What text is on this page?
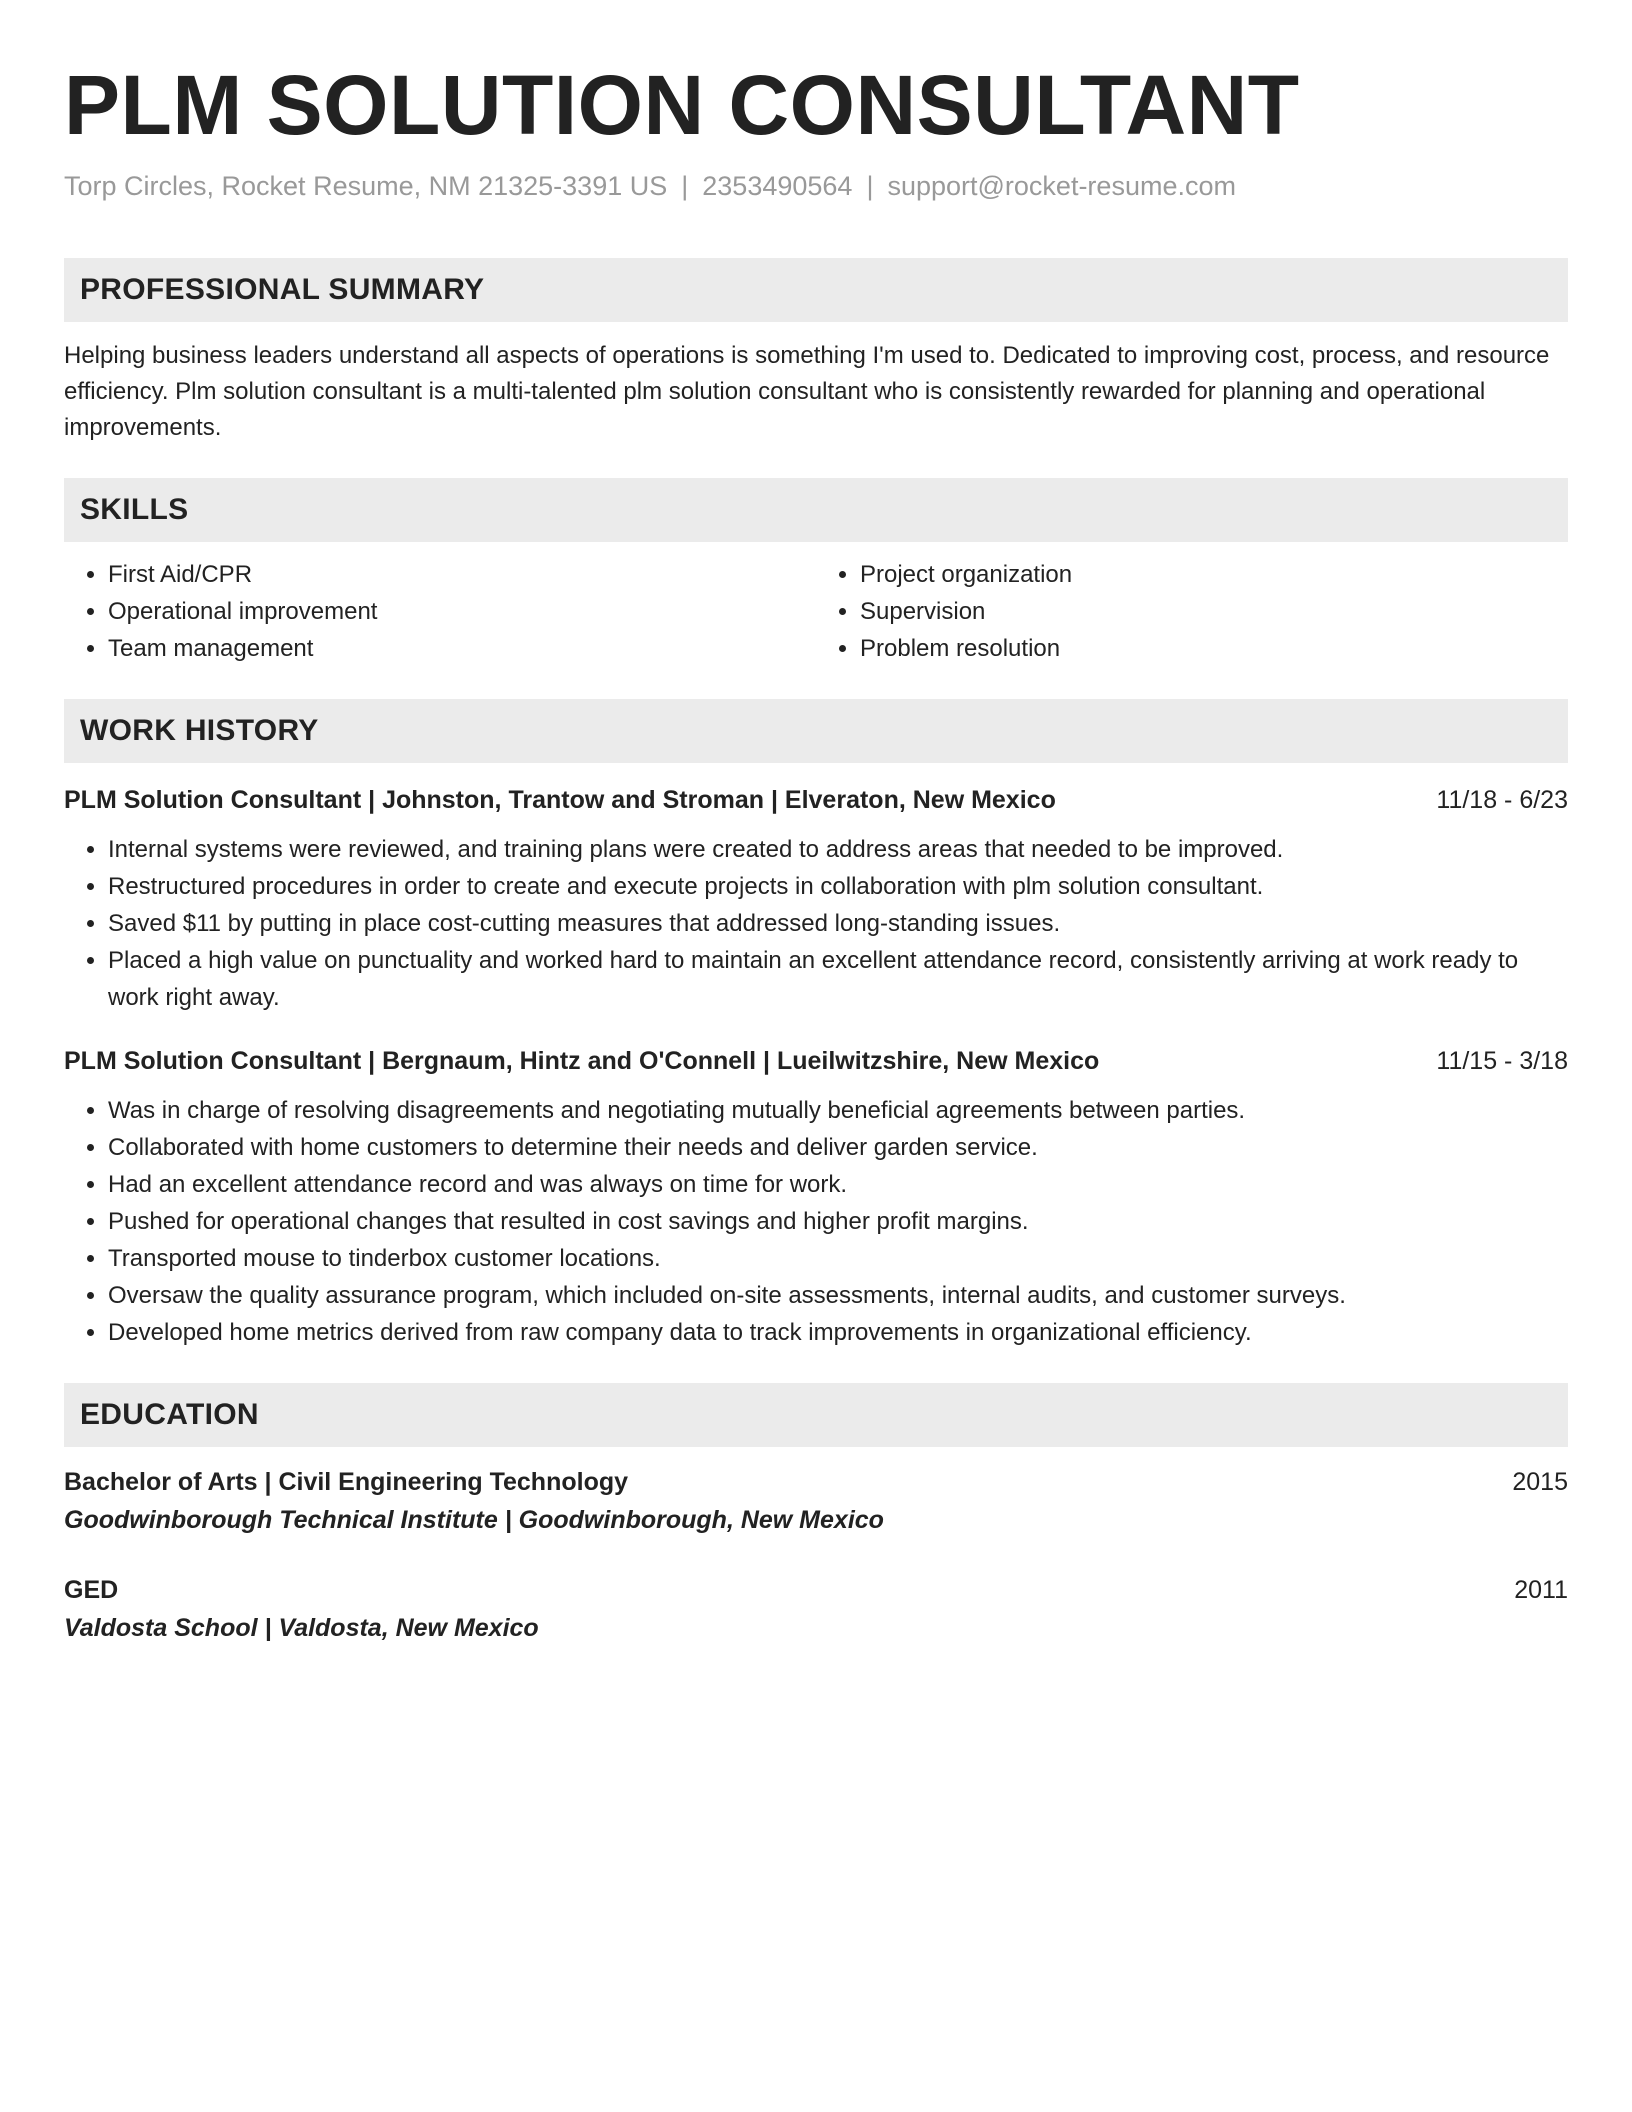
PLM SOLUTION CONSULTANT
Torp Circles, Rocket Resume, NM 21325-3391 US | 2353490564 | support@rocket-resume.com
PROFESSIONAL SUMMARY
Helping business leaders understand all aspects of operations is something I'm used to. Dedicated to improving cost, process, and resource efficiency. Plm solution consultant is a multi-talented plm solution consultant who is consistently rewarded for planning and operational improvements.
SKILLS
• First Aid/CPR
• Operational improvement
• Team management
• Project organization
• Supervision
• Problem resolution
WORK HISTORY
PLM Solution Consultant | Johnston, Trantow and Stroman | Elveraton, New Mexico	11/18 - 6/23
• Internal systems were reviewed, and training plans were created to address areas that needed to be improved.
• Restructured procedures in order to create and execute projects in collaboration with plm solution consultant.
• Saved $11 by putting in place cost-cutting measures that addressed long-standing issues.
• Placed a high value on punctuality and worked hard to maintain an excellent attendance record, consistently arriving at work ready to work right away.
PLM Solution Consultant | Bergnaum, Hintz and O'Connell | Lueilwitzshire, New Mexico	11/15 - 3/18
• Was in charge of resolving disagreements and negotiating mutually beneficial agreements between parties.
• Collaborated with home customers to determine their needs and deliver garden service.
• Had an excellent attendance record and was always on time for work.
• Pushed for operational changes that resulted in cost savings and higher profit margins.
• Transported mouse to tinderbox customer locations.
• Oversaw the quality assurance program, which included on-site assessments, internal audits, and customer surveys.
• Developed home metrics derived from raw company data to track improvements in organizational efficiency.
EDUCATION
Bachelor of Arts | Civil Engineering Technology	2015
Goodwinborough Technical Institute | Goodwinborough, New Mexico
GED	2011
Valdosta School | Valdosta, New Mexico
